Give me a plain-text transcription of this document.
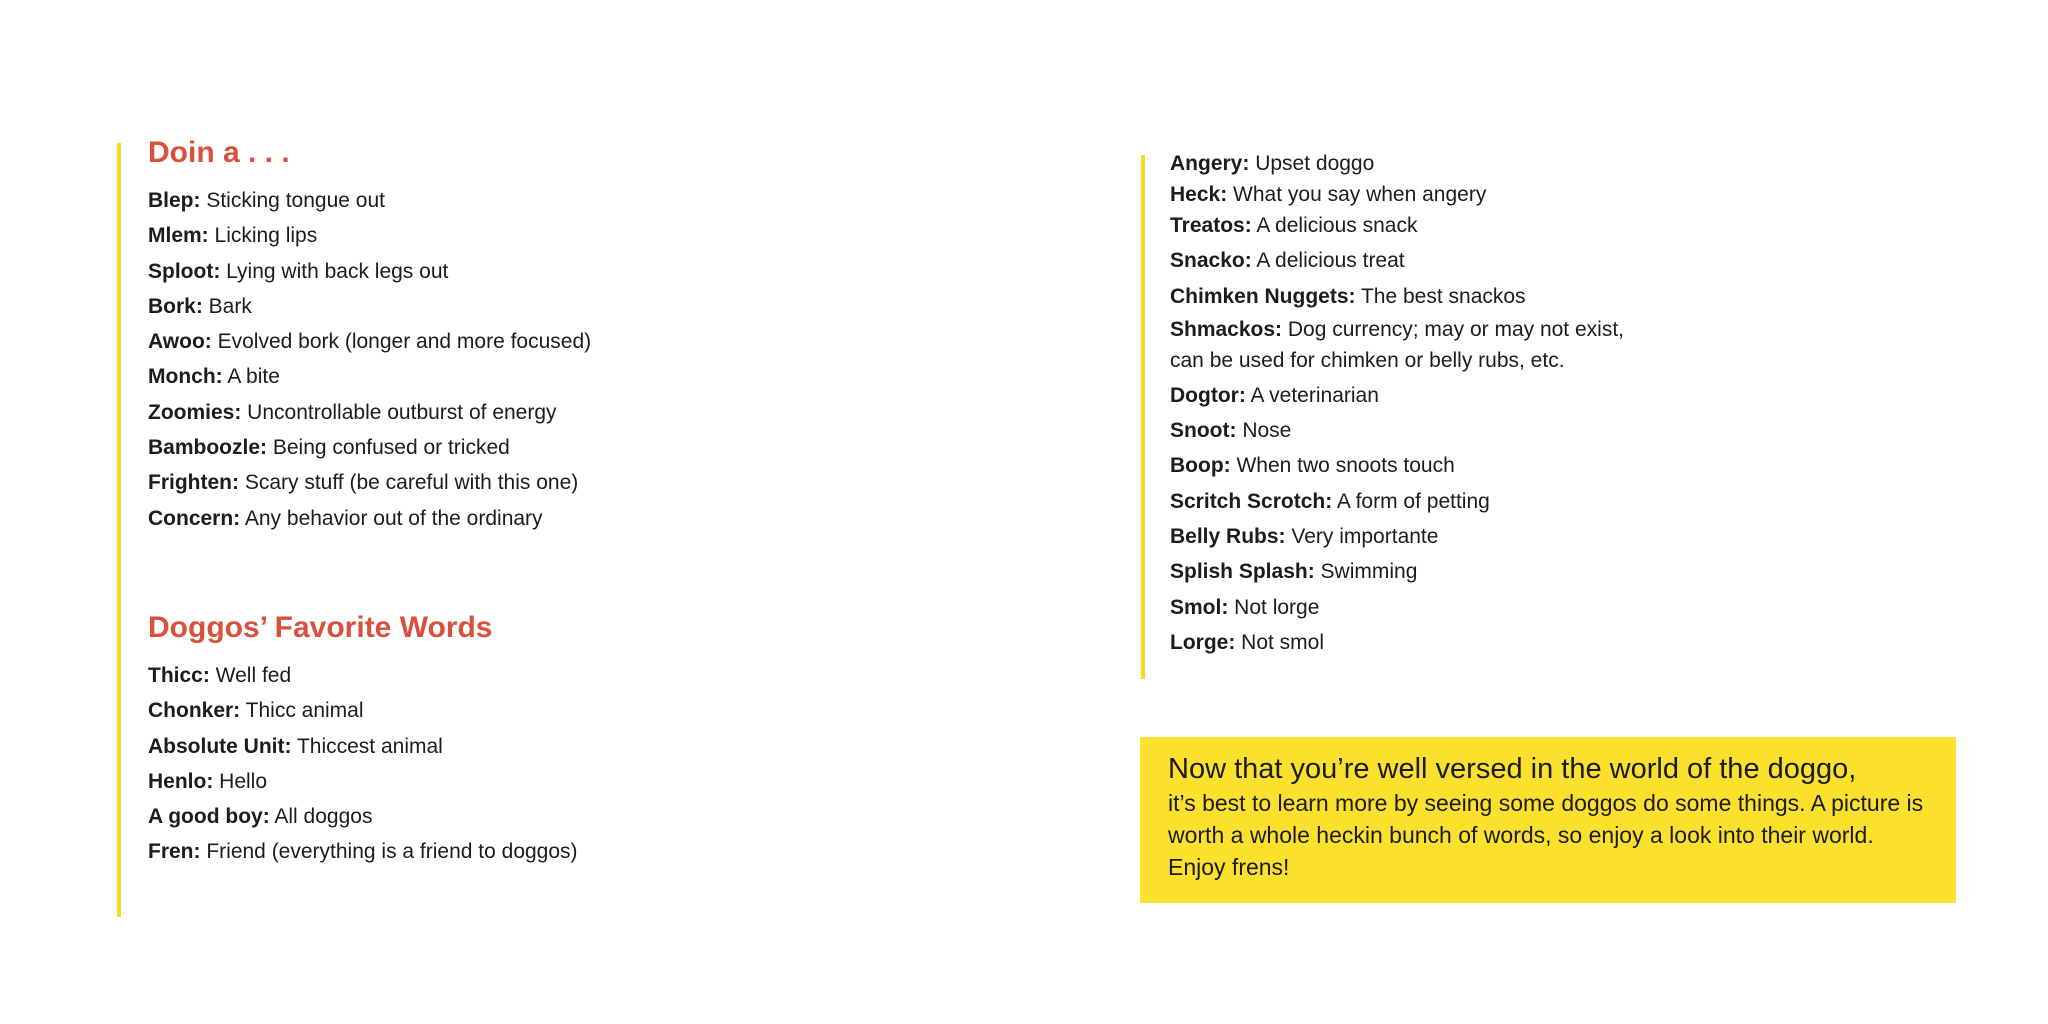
Doin a . . .
Blep: Sticking tongue out
Mlem: Licking lips
Sploot: Lying with back legs out
Bork: Bark
Awoo: Evolved bork (longer and more focused)
Monch: A bite
Zoomies: Uncontrollable outburst of energy
Bamboozle: Being confused or tricked
Frighten: Scary stuff (be careful with this one)
Concern: Any behavior out of the ordinary
Doggos’ Favorite Words
Thicc: Well fed
Chonker: Thicc animal
Absolute Unit: Thiccest animal
Henlo: Hello
A good boy: All doggos
Fren: Friend (everything is a friend to doggos)
Angery: Upset doggo
Heck: What you say when angery
Treatos: A delicious snack
Snacko: A delicious treat
Chimken Nuggets: The best snackos
Shmackos: Dog currency; may or may not exist,
can be used for chimken or belly rubs, etc.
Dogtor: A veterinarian
Snoot: Nose
Boop: When two snoots touch
Scritch Scrotch: A form of petting
Belly Rubs: Very importante
Splish Splash: Swimming
Smol: Not lorge
Lorge: Not smol
Now that you’re well versed in the world of the doggo,
it’s best to learn more by seeing some doggos do some things. A picture is worth a whole heckin bunch of words, so enjoy a look into their world. Enjoy frens!
